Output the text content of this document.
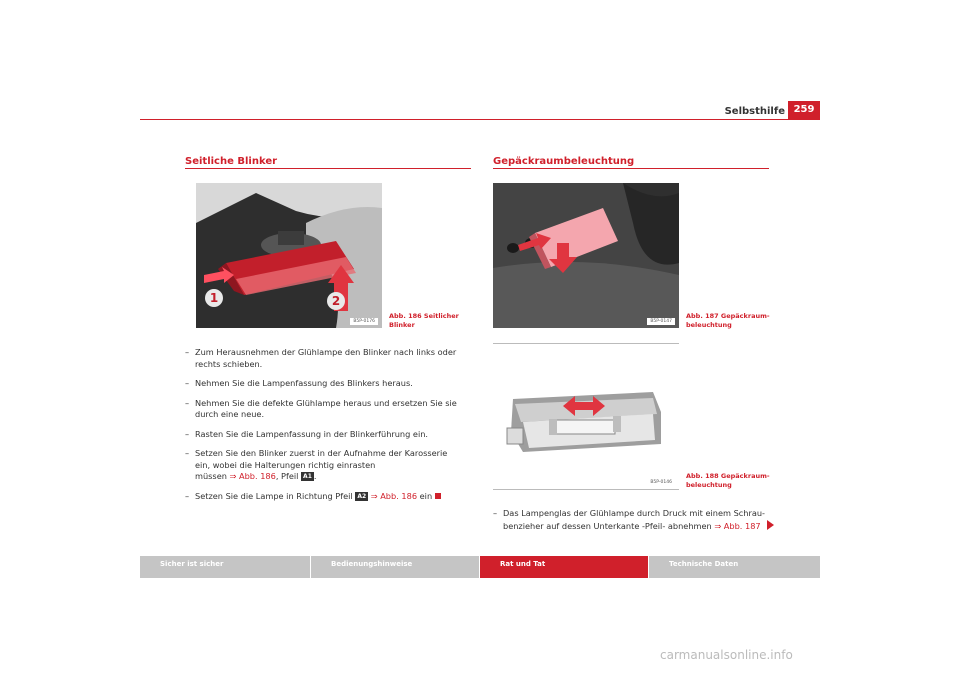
Selbsthilfe 259
Seitliche Blinker
1	2
B5P-0176
Abb. 186 Seitlicher
Blinker
– Zum Herausnehmen der Glühlampe den Blinker nach links oder
rechts schieben.
– Nehmen Sie die Lampenfassung des Blinkers heraus.
– Nehmen Sie die defekte Glühlampe heraus und ersetzen Sie sie
durch eine neue.
– Rasten Sie die Lampenfassung in der Blinkerführung ein.
– Setzen Sie den Blinker zuerst in der Aufnahme der Karosserie
ein, wobei die Halterungen richtig einrasten
müssen ⇒ Abb. 186, Pfeil A1 .
– Setzen Sie die Lampe in Richtung Pfeil A2 ⇒ Abb. 186 ein
Gepäckraumbeleuchtung
B5P-0147
Abb. 187 Gepäckraum-
beleuchtung
B5P-0146
Abb. 188 Gepäckraum-
beleuchtung
– Das Lampenglas der Glühlampe durch Druck mit einem Schrau-
benzieher auf dessen Unterkante -Pfeil- abnehmen ⇒ Abb. 187
Sicher ist sicher	Bedienungshinweise	Rat und Tat	Technische Daten
carmanualsonline.info
